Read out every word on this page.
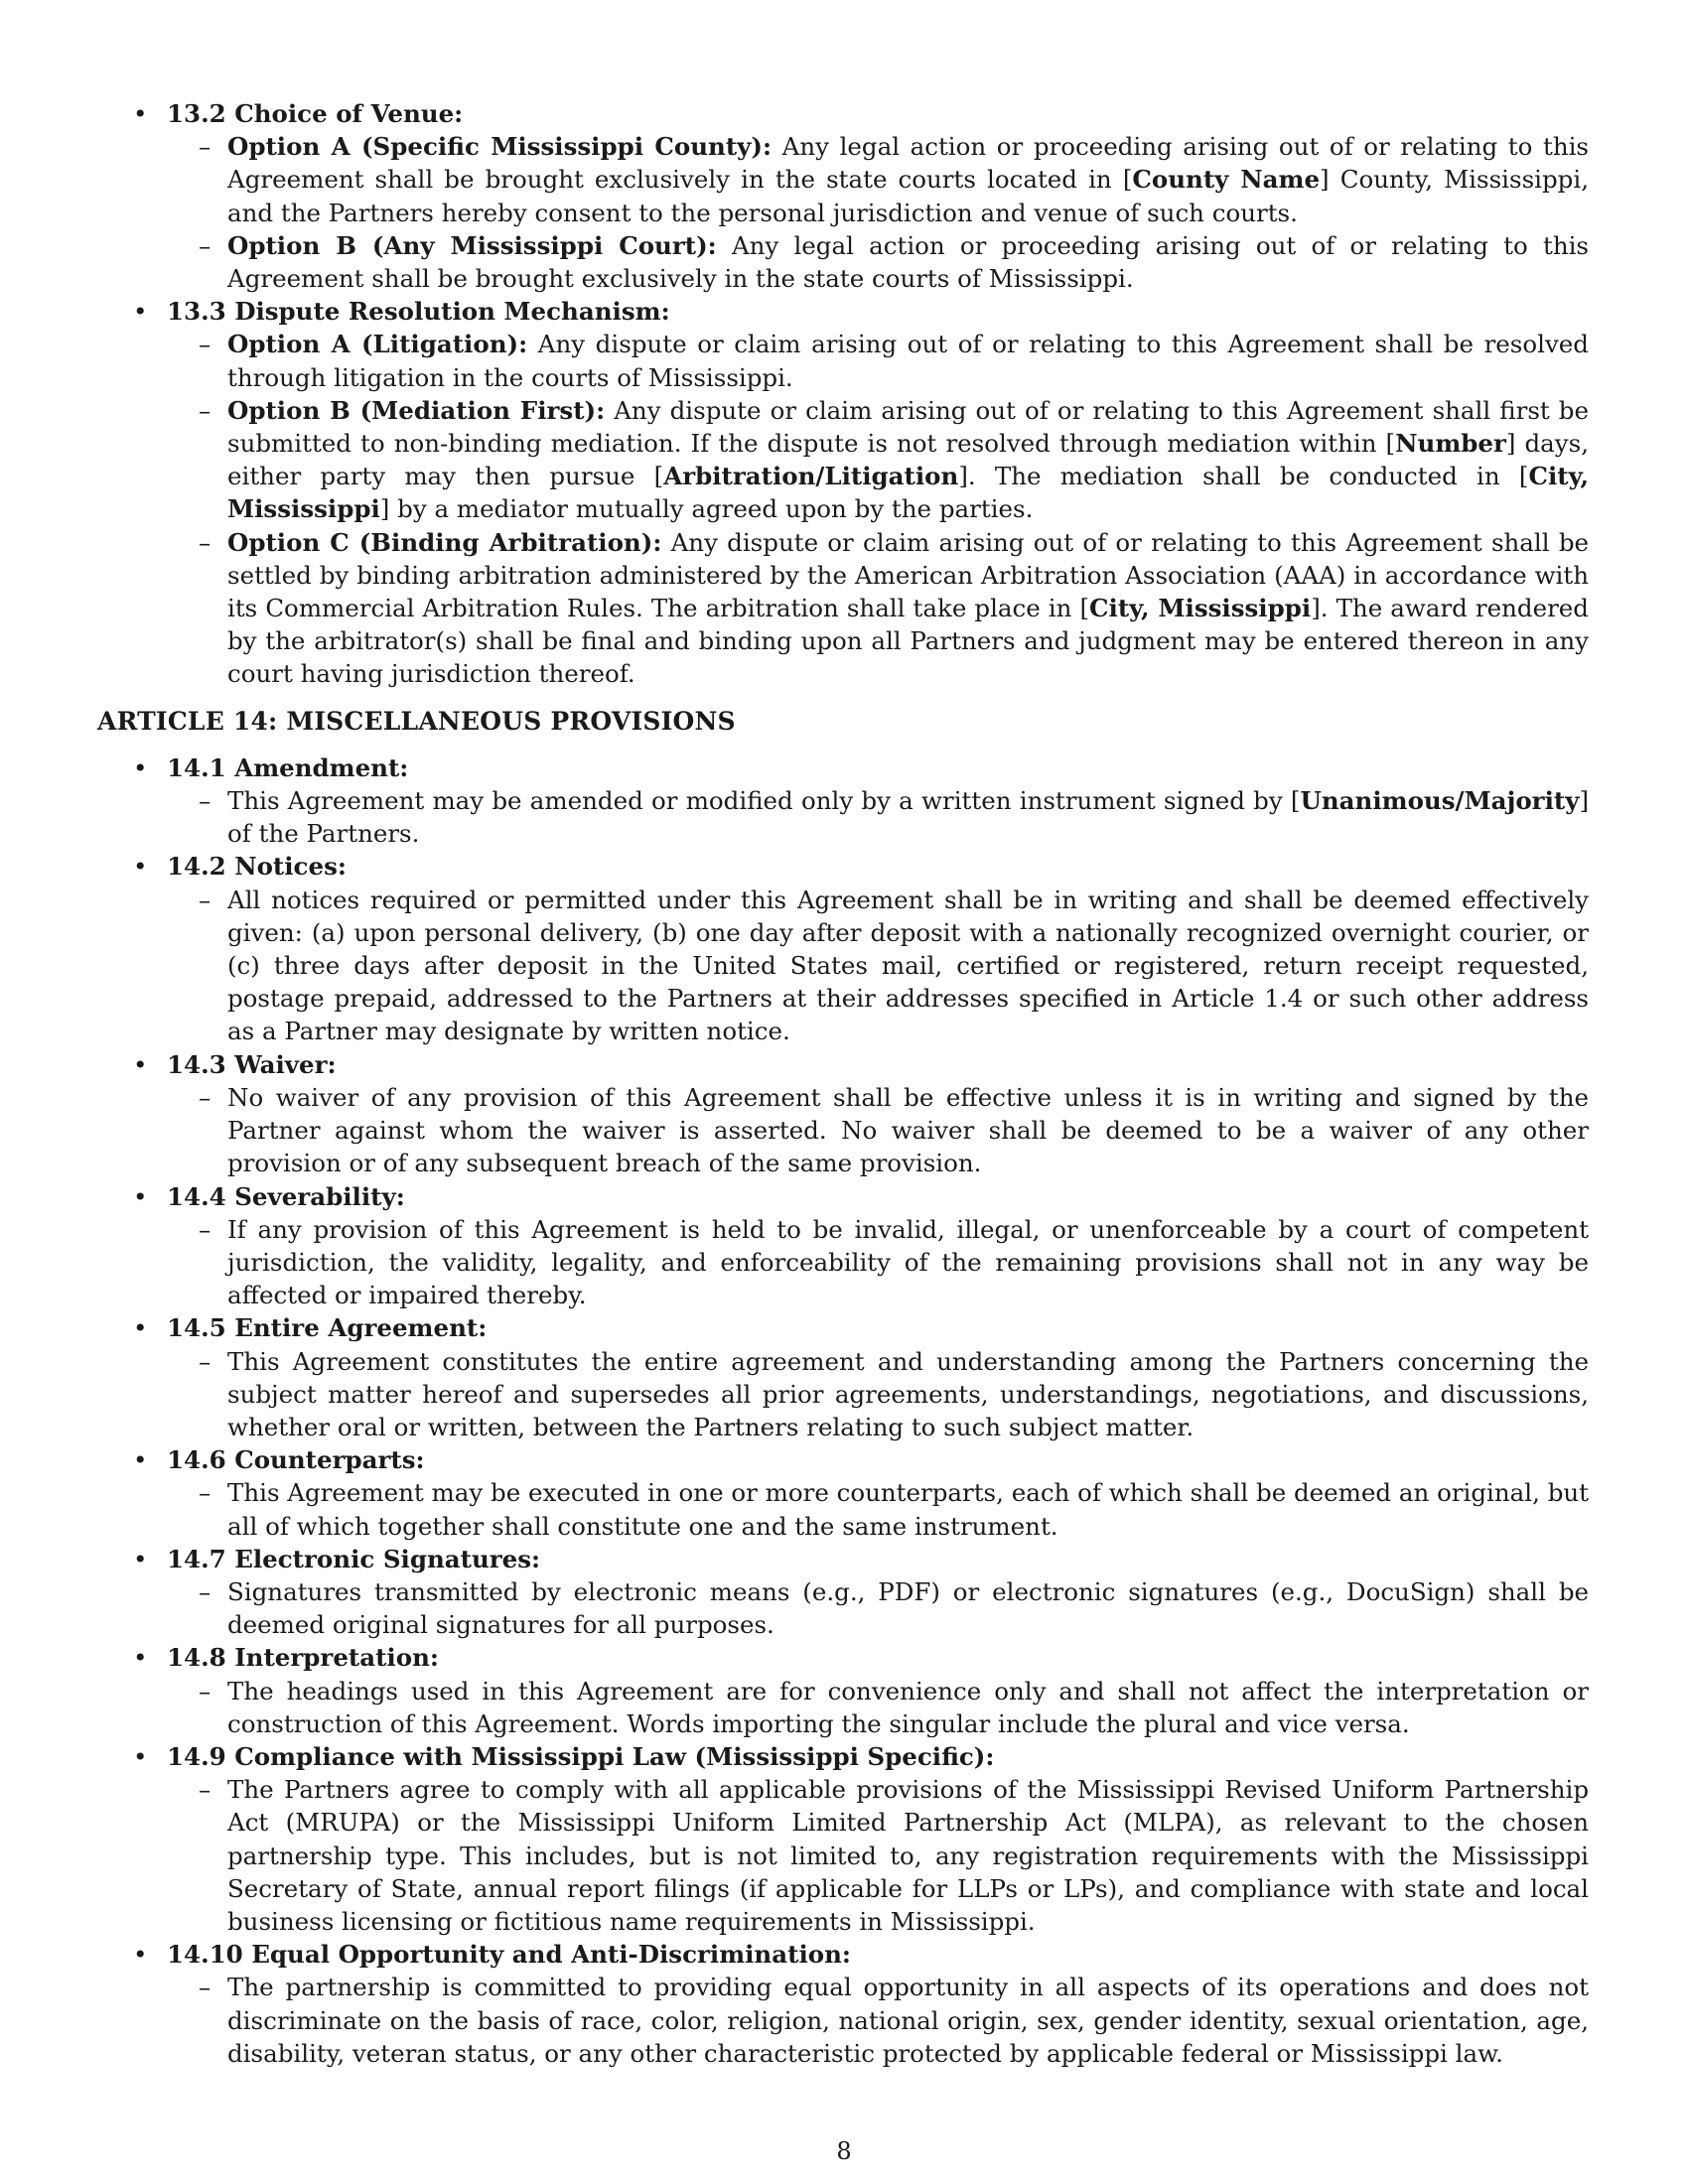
• 13.2 Choice of Venue:
– Option A (Specific Mississippi County): Any legal action or proceeding arising out of or relating to this Agreement shall be brought exclusively in the state courts located in [County Name] County, Mississippi, and the Partners hereby consent to the personal jurisdiction and venue of such courts.
– Option B (Any Mississippi Court): Any legal action or proceeding arising out of or relating to this Agreement shall be brought exclusively in the state courts of Mississippi.
• 13.3 Dispute Resolution Mechanism:
– Option A (Litigation): Any dispute or claim arising out of or relating to this Agreement shall be resolved through litigation in the courts of Mississippi.
– Option B (Mediation First): Any dispute or claim arising out of or relating to this Agreement shall first be submitted to non-binding mediation. If the dispute is not resolved through mediation within [Number] days, either party may then pursue [Arbitration/Litigation]. The mediation shall be conducted in [City, Mississippi] by a mediator mutually agreed upon by the parties.
– Option C (Binding Arbitration): Any dispute or claim arising out of or relating to this Agreement shall be settled by binding arbitration administered by the American Arbitration Association (AAA) in accordance with its Commercial Arbitration Rules. The arbitration shall take place in [City, Mississippi]. The award rendered by the arbitrator(s) shall be final and binding upon all Partners and judgment may be entered thereon in any court having jurisdiction thereof.
ARTICLE 14: MISCELLANEOUS PROVISIONS
• 14.1 Amendment:
– This Agreement may be amended or modified only by a written instrument signed by [Unanimous/Majority] of the Partners.
• 14.2 Notices:
– All notices required or permitted under this Agreement shall be in writing and shall be deemed effectively given: (a) upon personal delivery, (b) one day after deposit with a nationally recognized overnight courier, or (c) three days after deposit in the United States mail, certified or registered, return receipt requested, postage prepaid, addressed to the Partners at their addresses specified in Article 1.4 or such other address as a Partner may designate by written notice.
• 14.3 Waiver:
– No waiver of any provision of this Agreement shall be effective unless it is in writing and signed by the Partner against whom the waiver is asserted. No waiver shall be deemed to be a waiver of any other provision or of any subsequent breach of the same provision.
• 14.4 Severability:
– If any provision of this Agreement is held to be invalid, illegal, or unenforceable by a court of competent jurisdiction, the validity, legality, and enforceability of the remaining provisions shall not in any way be affected or impaired thereby.
• 14.5 Entire Agreement:
– This Agreement constitutes the entire agreement and understanding among the Partners concerning the subject matter hereof and supersedes all prior agreements, understandings, negotiations, and discussions, whether oral or written, between the Partners relating to such subject matter.
• 14.6 Counterparts:
– This Agreement may be executed in one or more counterparts, each of which shall be deemed an original, but all of which together shall constitute one and the same instrument.
• 14.7 Electronic Signatures:
– Signatures transmitted by electronic means (e.g., PDF) or electronic signatures (e.g., DocuSign) shall be deemed original signatures for all purposes.
• 14.8 Interpretation:
– The headings used in this Agreement are for convenience only and shall not affect the interpretation or construction of this Agreement. Words importing the singular include the plural and vice versa.
• 14.9 Compliance with Mississippi Law (Mississippi Specific):
– The Partners agree to comply with all applicable provisions of the Mississippi Revised Uniform Partnership Act (MRUPA) or the Mississippi Uniform Limited Partnership Act (MLPA), as relevant to the chosen partnership type. This includes, but is not limited to, any registration requirements with the Mississippi Secretary of State, annual report filings (if applicable for LLPs or LPs), and compliance with state and local business licensing or fictitious name requirements in Mississippi.
• 14.10 Equal Opportunity and Anti-Discrimination:
– The partnership is committed to providing equal opportunity in all aspects of its operations and does not discriminate on the basis of race, color, religion, national origin, sex, gender identity, sexual orientation, age, disability, veteran status, or any other characteristic protected by applicable federal or Mississippi law.
8
